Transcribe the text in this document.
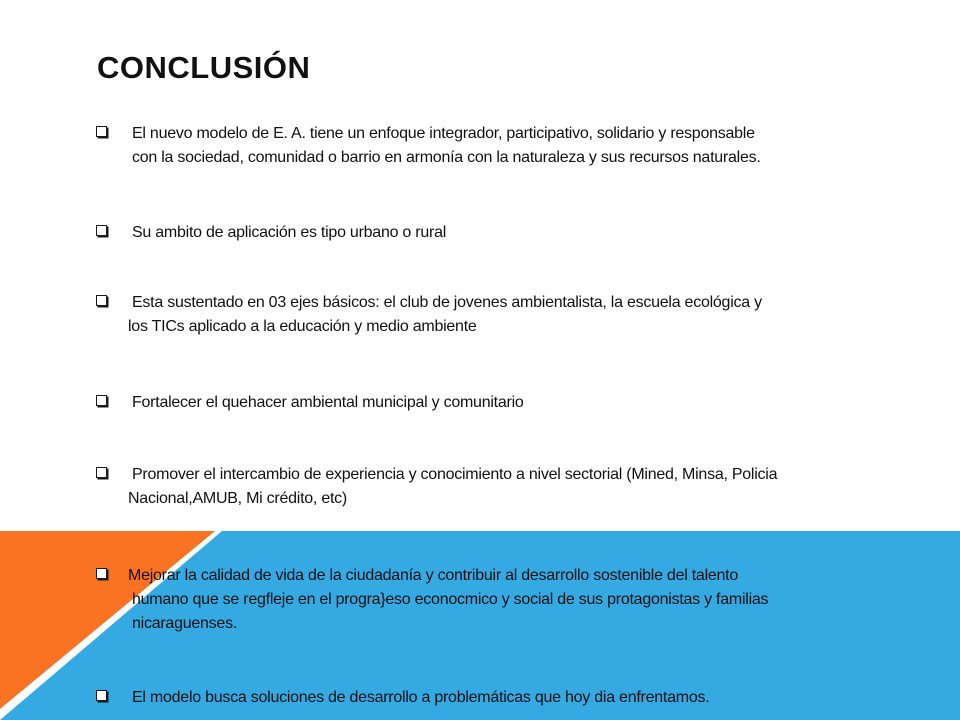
CONCLUSIÓN
El nuevo modelo de E. A. tiene un enfoque integrador, participativo, solidario y responsable
con la sociedad, comunidad o barrio en armonía con la naturaleza y sus recursos naturales.
Su ambito de aplicación es tipo urbano o rural
Esta sustentado en 03 ejes básicos: el club de jovenes ambientalista, la escuela ecológica y
los TICs aplicado a la educación y medio ambiente
Fortalecer el quehacer ambiental municipal y comunitario
Promover el intercambio de experiencia y conocimiento a nivel sectorial (Mined, Minsa, Policia
Nacional,AMUB, Mi crédito, etc)
Mejorar la calidad de vida de la ciudadanía y contribuir al desarrollo sostenible del talento
humano que se regfleje en el progra}eso econocmico y social de sus protagonistas y familias
nicaraguenses.
El modelo busca soluciones de desarrollo a problemáticas que hoy dia enfrentamos.
